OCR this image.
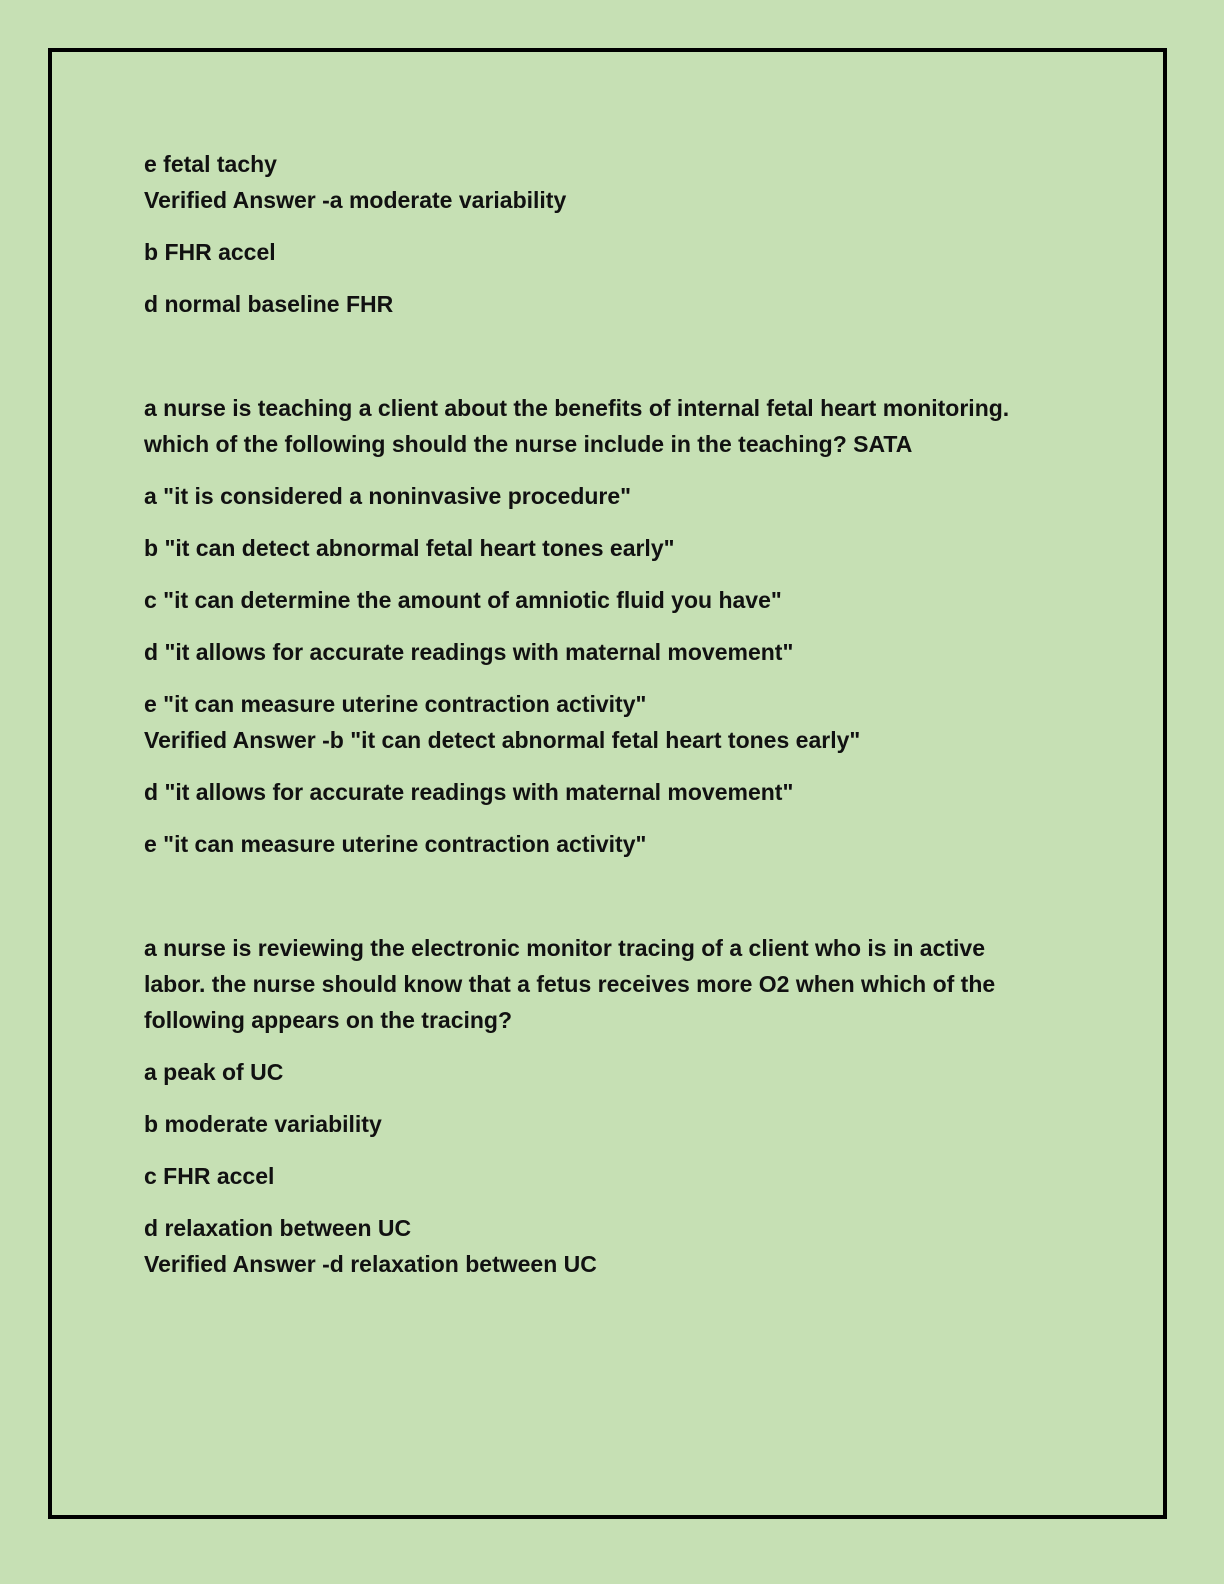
e fetal tachy
Verified Answer -a moderate variability
b FHR accel
d normal baseline FHR
a nurse is teaching a client about the benefits of internal fetal heart monitoring.
which of the following should the nurse include in the teaching? SATA
a "it is considered a noninvasive procedure"
b "it can detect abnormal fetal heart tones early"
c "it can determine the amount of amniotic fluid you have"
d "it allows for accurate readings with maternal movement"
e "it can measure uterine contraction activity"
Verified Answer -b "it can detect abnormal fetal heart tones early"
d "it allows for accurate readings with maternal movement"
e "it can measure uterine contraction activity"
a nurse is reviewing the electronic monitor tracing of a client who is in active
labor. the nurse should know that a fetus receives more O2 when which of the
following appears on the tracing?
a peak of UC
b moderate variability
c FHR accel
d relaxation between UC
Verified Answer -d relaxation between UC
